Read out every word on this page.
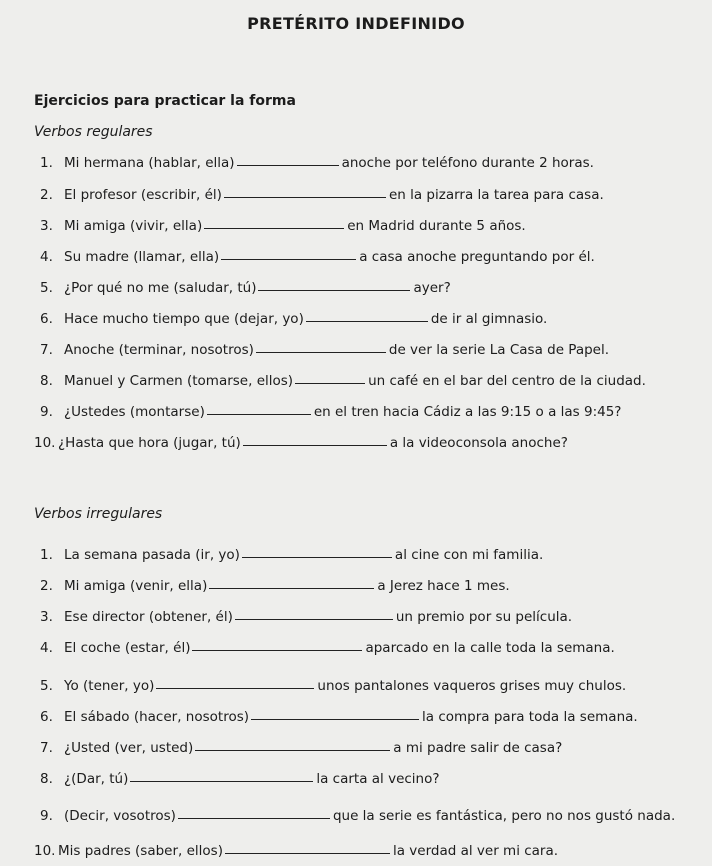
PRETÉRITO INDEFINIDO
Ejercicios para practicar la forma
Verbos regulares
1. Mi hermana (hablar, ella)	anoche por teléfono durante 2 horas.
2. El profesor (escribir, él)	en la pizarra la tarea para casa.
3. Mi amiga (vivir, ella)	en Madrid durante 5 años.
4. Su madre (llamar, ella)	a casa anoche preguntando por él.
5. ¿Por qué no me (saludar, tú)	ayer?
6. Hace mucho tiempo que (dejar, yo)	de ir al gimnasio.
7. Anoche (terminar, nosotros)	de ver la serie La Casa de Papel.
8. Manuel y Carmen (tomarse, ellos)	un café en el bar del centro de la ciudad.
9. ¿Ustedes (montarse)	en el tren hacia Cádiz a las 9:15 o a las 9:45?
10. ¿Hasta que hora (jugar, tú)	a la videoconsola anoche?
Verbos irregulares
1. La semana pasada (ir, yo)	al cine con mi familia.
2. Mi amiga (venir, ella)	a Jerez hace 1 mes.
3. Ese director (obtener, él)	un premio por su película.
4. El coche (estar, él)	aparcado en la calle toda la semana.
5. Yo (tener, yo)	unos pantalones vaqueros grises muy chulos.
6. El sábado (hacer, nosotros)	la compra para toda la semana.
7. ¿Usted (ver, usted)	a mi padre salir de casa?
8. ¿(Dar, tú)	la carta al vecino?
9. (Decir, vosotros)	que la serie es fantástica, pero no nos gustó nada.
10. Mis padres (saber, ellos)	la verdad al ver mi cara.
